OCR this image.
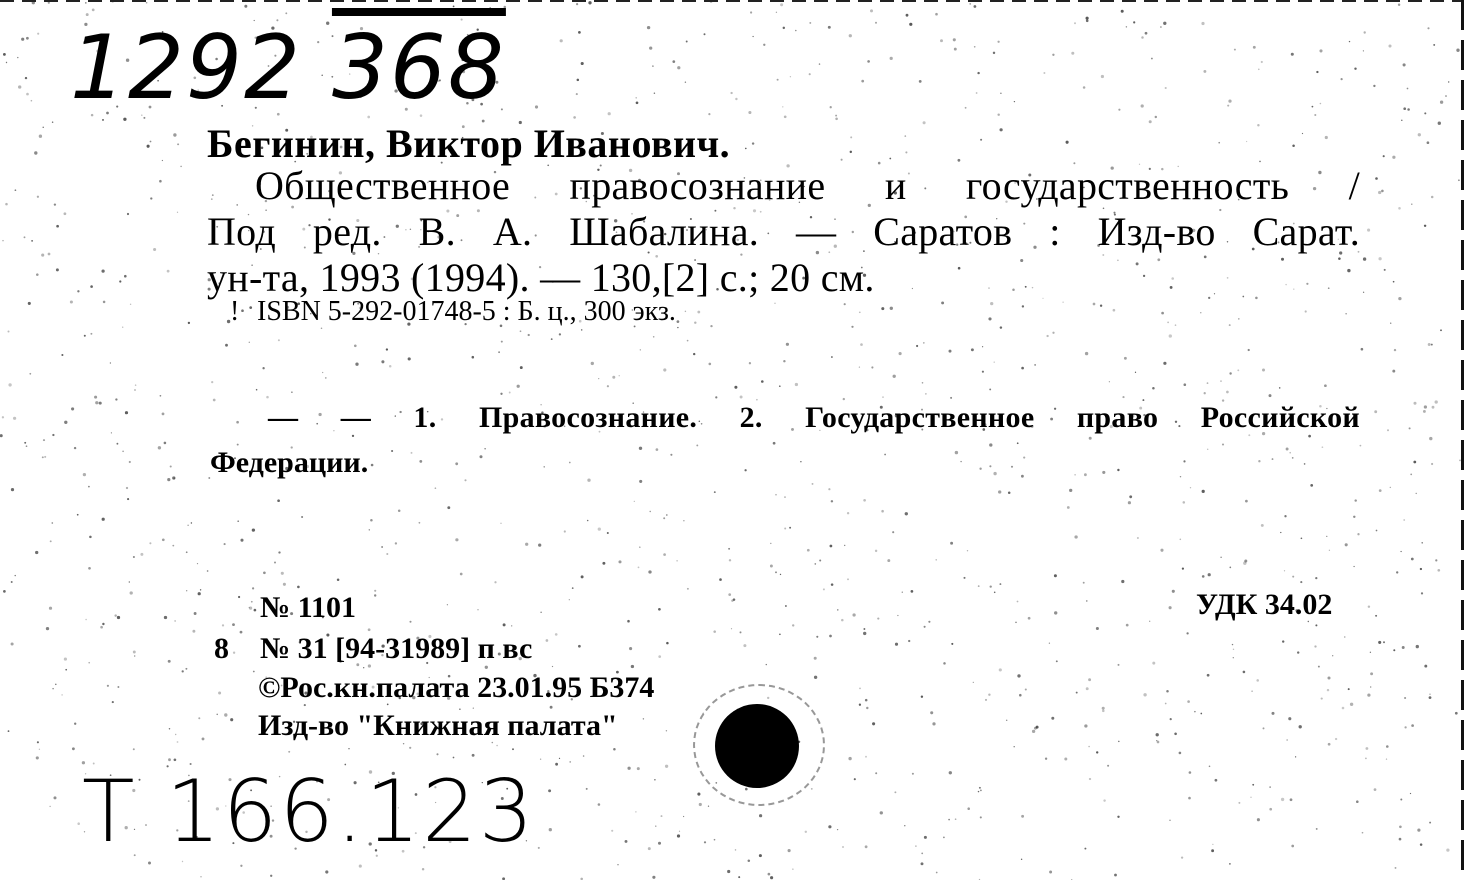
1292 368
Бегинин, Виктор Иванович.
Общественное правосознание и государственность /
Под ред. В. А. Шабалина. — Саратов : Изд-во Сарат.
ун-та, 1993 (1994). — 130,[2] с.; 20 см.
! ISBN 5-292-01748-5 : Б. ц., 300 экз.
— — 1. Правосознание. 2. Государственное право Российской
Федерации.
№ 1101	УДК 34.02
8 № 31 [94-31989] п вс
©Рос.кн.палата 23.01.95 Б374
Изд-во "Книжная палата"
Т 166.123
